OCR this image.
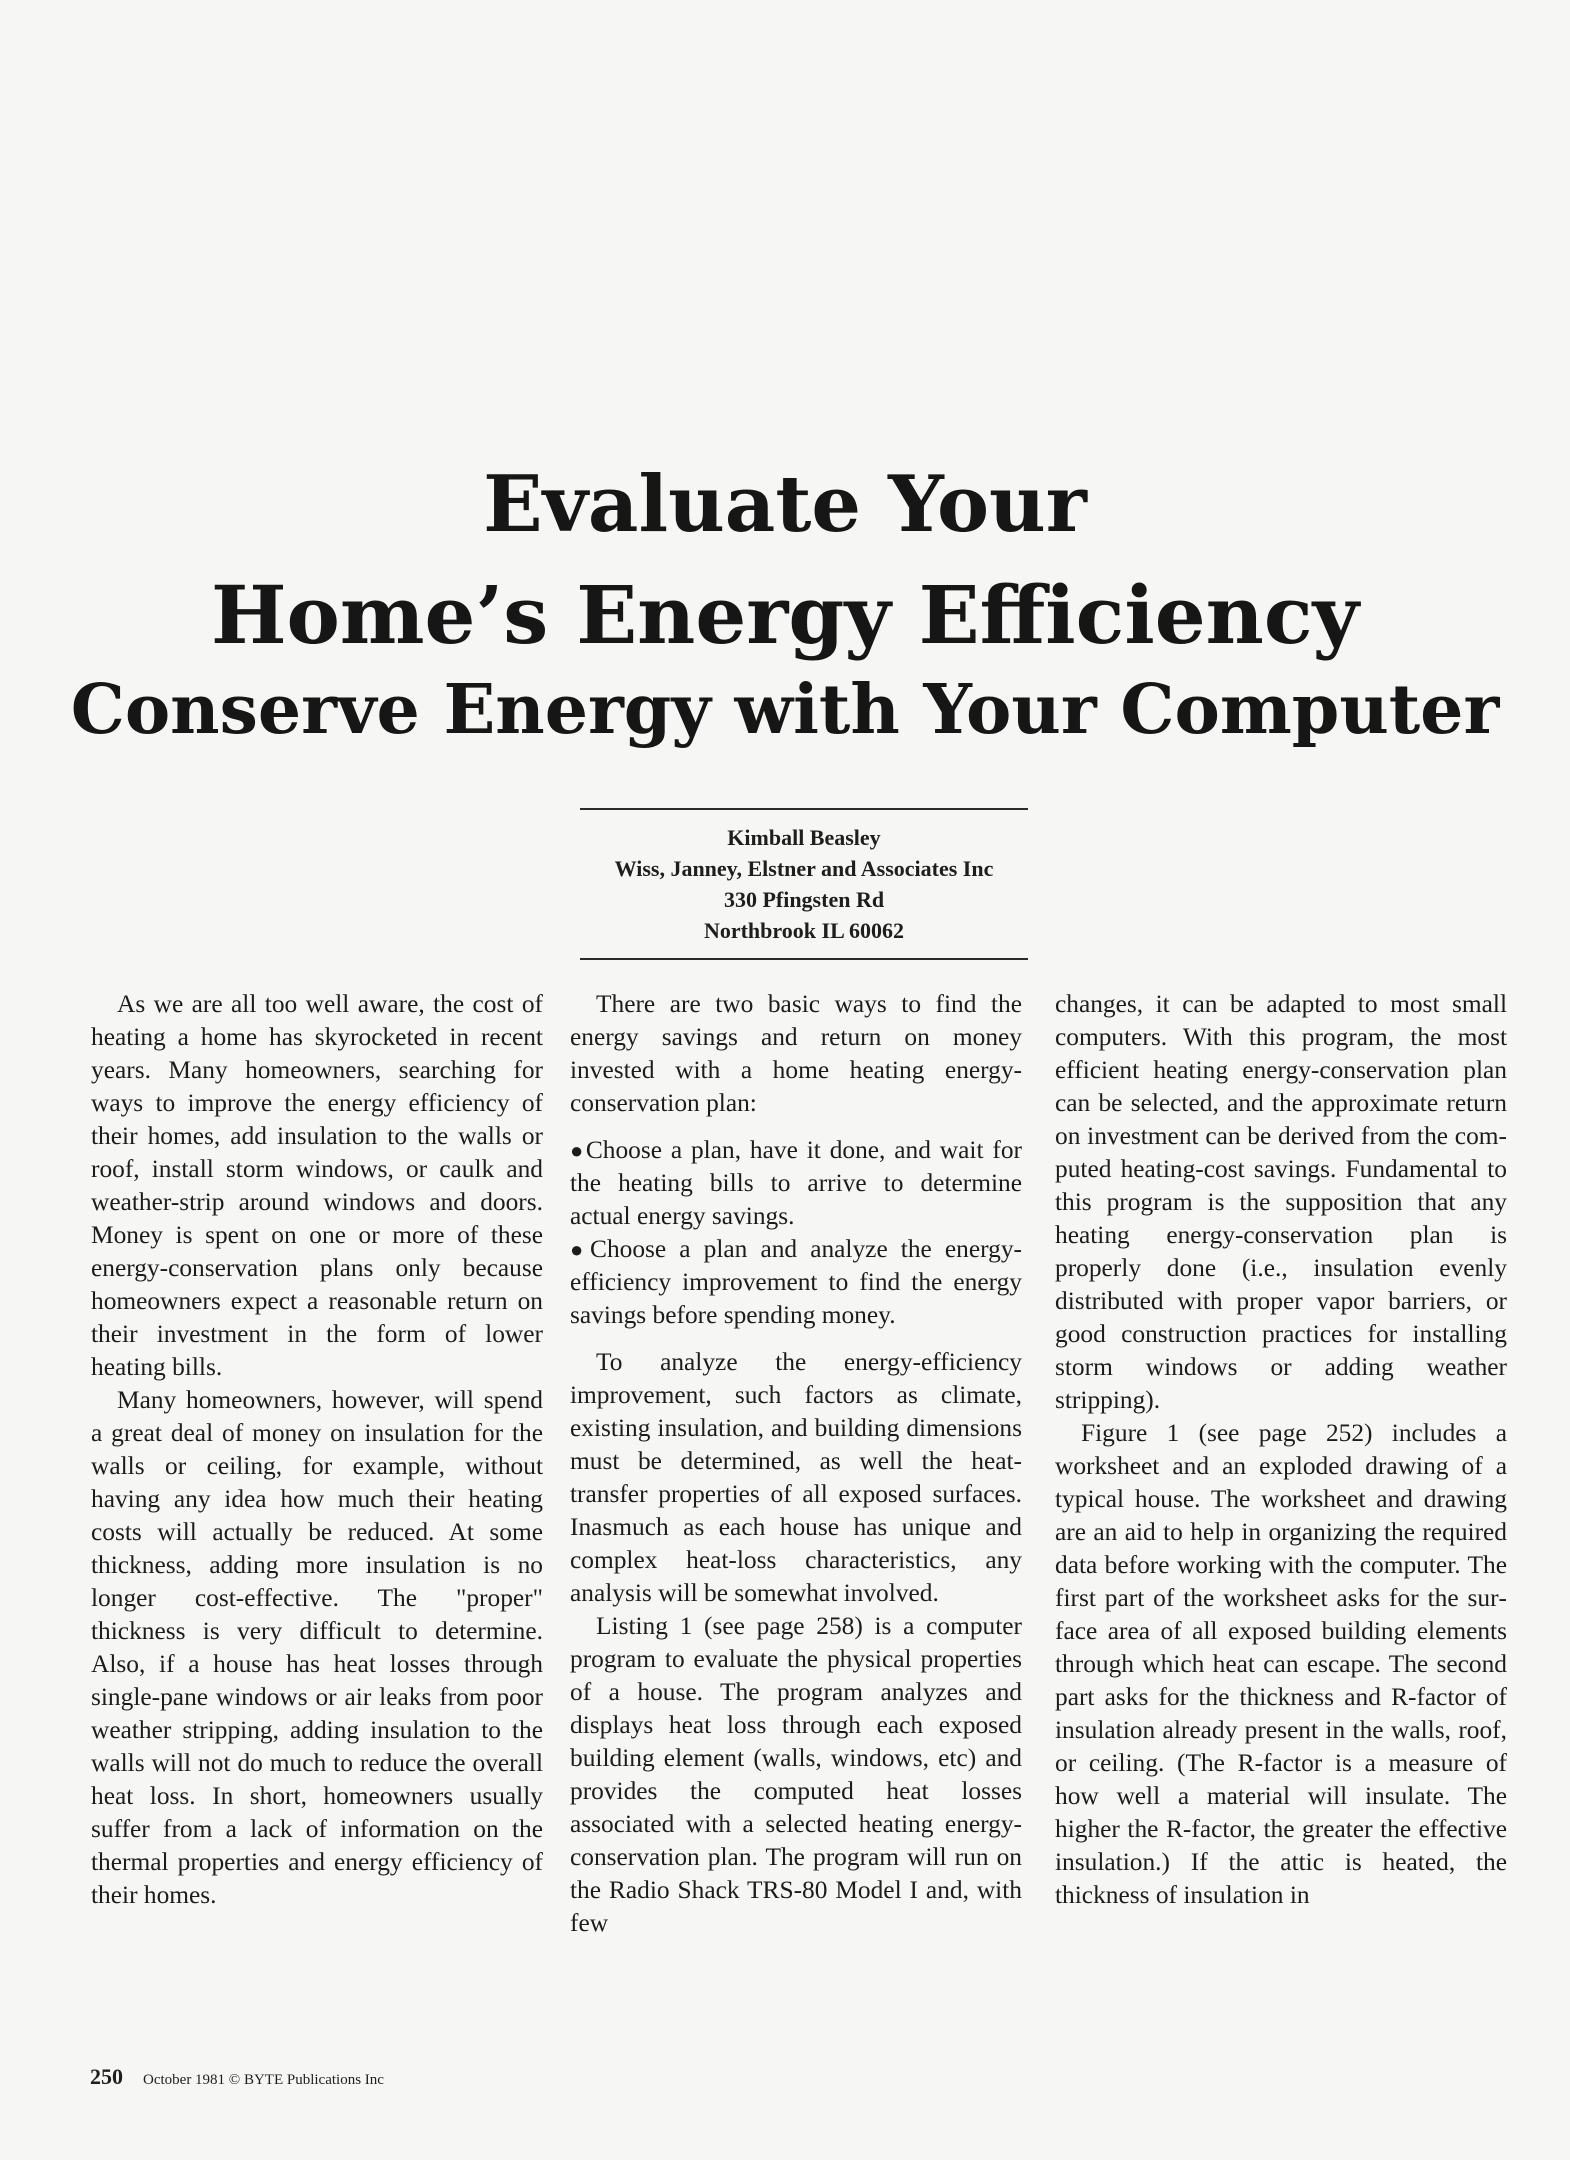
Evaluate Your
Home’s Energy Efficiency
Conserve Energy with Your Computer
Kimball Beasley
Wiss, Janney, Elstner and Associates Inc
330 Pfingsten Rd
Northbrook IL 60062

As we are all too well aware, the cost of heating a home has skyrocketed in recent years. Many homeowners, searching for ways to improve the energy efficiency of their homes, add insulation to the walls or roof, install storm windows, or caulk and weather-strip around windows and doors. Money is spent on one or more of these energy-conservation plans only because homeowners expect a reasonable return on their investment in the form of lower heating bills.

Many homeowners, however, will spend a great deal of money on insulation for the walls or ceiling, for example, without having any idea how much their heating costs will actually be reduced. At some thickness, adding more insulation is no longer cost-effective. The "proper" thickness is very difficult to determine. Also, if a house has heat losses through single-pane windows or air leaks from poor weather stripping, adding insulation to the walls will not do much to reduce the overall heat loss. In short, homeowners usually suffer from a lack of information on the thermal properties and energy efficiency of their homes.

There are two basic ways to find the energy savings and return on money invested with a home heating energy-conservation plan:

●Choose a plan, have it done, and wait for the heating bills to arrive to determine actual energy savings.

●Choose a plan and analyze the energy-efficiency improvement to find the energy savings before spending money.

To analyze the energy-efficiency improvement, such factors as climate, existing insulation, and building dimensions must be determined, as well the heat-transfer properties of all exposed surfaces. Inasmuch as each house has unique and complex heat-loss characteristics, any analysis will be somewhat involved.

Listing 1 (see page 258) is a computer program to evaluate the physical properties of a house. The program analyzes and displays heat loss through each exposed building element (walls, windows, etc) and provides the computed heat losses associated with a selected heating energy-conservation plan. The program will run on the Radio Shack TRS-80 Model I and, with few

changes, it can be adapted to most small computers. With this program, the most efficient heating energy-conservation plan can be selected, and the approximate return on investment can be derived from the computed heating-cost savings. Fundamental to this program is the supposition that any heating energy-conservation plan is properly done (i.e., insulation evenly distributed with proper vapor barriers, or good construction practices for installing storm windows or adding weather stripping).

Figure 1 (see page 252) includes a worksheet and an exploded drawing of a typical house. The worksheet and drawing are an aid to help in organizing the required data before working with the computer. The first part of the worksheet asks for the surface area of all exposed building elements through which heat can escape. The second part asks for the thickness and R-factor of insulation already present in the walls, roof, or ceiling. (The R-factor is a measure of how well a material will insulate. The higher the R-factor, the greater the effective insulation.) If the attic is heated, the thickness of insulation in

250 October 1981 © BYTE Publications Inc
